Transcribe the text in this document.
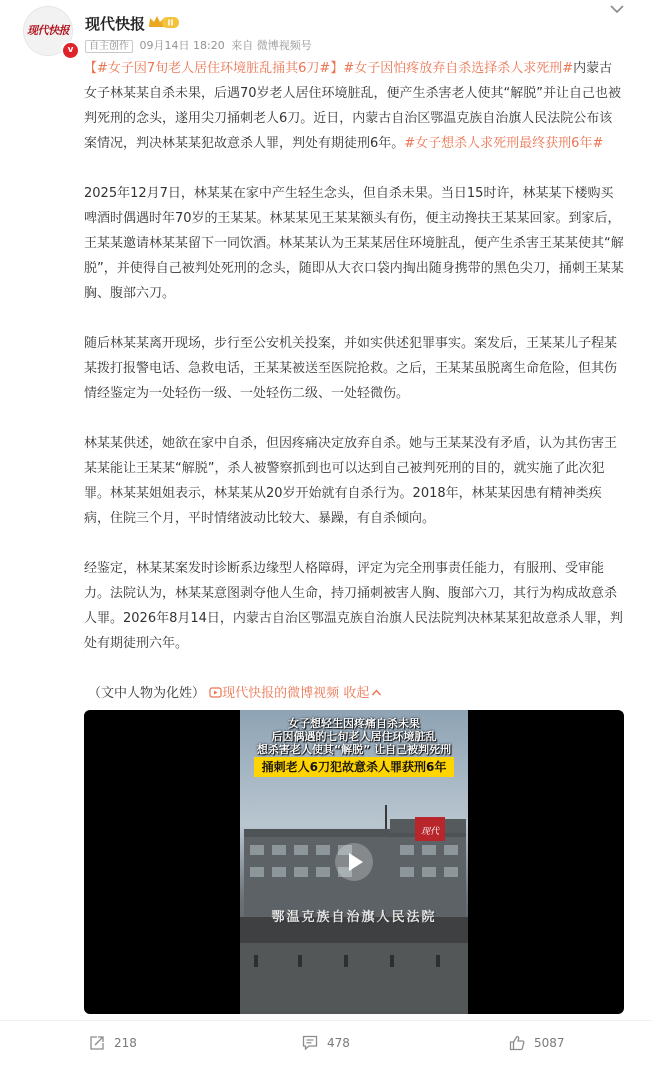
现代快报
v
现代快报	II
自主创作 09月14日 18:20 来自 微博视频号

【#女子因7旬老人居住环境脏乱捅其6刀#】#女子因怕疼放弃自杀选择杀人求死刑#内蒙古女子林某某自杀未果，后遇70岁老人居住环境脏乱，便产生杀害老人使其“解脱”并让自己也被判死刑的念头，遂用尖刀捅刺老人6刀。近日，内蒙古自治区鄂温克族自治旗人民法院公布该案情况，判决林某某犯故意杀人罪，判处有期徒刑6年。#女子想杀人求死刑最终获刑6年#

2025年12月7日，林某某在家中产生轻生念头，但自杀未果。当日15时许，林某某下楼购买啤酒时偶遇时年70岁的王某某。林某某见王某某额头有伤，便主动搀扶王某某回家。到家后，王某某邀请林某某留下一同饮酒。林某某认为王某某居住环境脏乱，便产生杀害王某某使其“解脱”，并使得自己被判处死刑的念头，随即从大衣口袋内掏出随身携带的黑色尖刀，捅刺王某某胸、腹部六刀。

随后林某某离开现场，步行至公安机关投案，并如实供述犯罪事实。案发后，王某某儿子程某某拨打报警电话、急救电话，王某某被送至医院抢救。之后，王某某虽脱离生命危险，但其伤情经鉴定为一处轻伤一级、一处轻伤二级、一处轻微伤。

林某某供述，她欲在家中自杀，但因疼痛决定放弃自杀。她与王某某没有矛盾，认为其伤害王某某能让王某某“解脱”，杀人被警察抓到也可以达到自己被判死刑的目的，就实施了此次犯罪。林某某姐姐表示，林某某从20岁开始就有自杀行为。2018年，林某某因患有精神类疾病，住院三个月，平时情绪波动比较大、暴躁，有自杀倾向。

经鉴定，林某某案发时诊断系边缘型人格障碍，评定为完全刑事责任能力，有服刑、受审能力。法院认为，林某某意图剥夺他人生命，持刀捅刺被害人胸、腹部六刀，其行为构成故意杀人罪。2026年8月14日，内蒙古自治区鄂温克族自治旗人民法院判决林某某犯故意杀人罪，判处有期徒刑六年。

（文中人物为化姓） 现代快报的微博视频 收起
女子想轻生因疼痛自杀未果
后因偶遇的七旬老人居住环境脏乱
想杀害老人使其“解脱” 让自己被判死刑
捅刺老人6刀犯故意杀人罪获刑6年
现代
鄂温克族自治旗人民法院
218	478	5087
